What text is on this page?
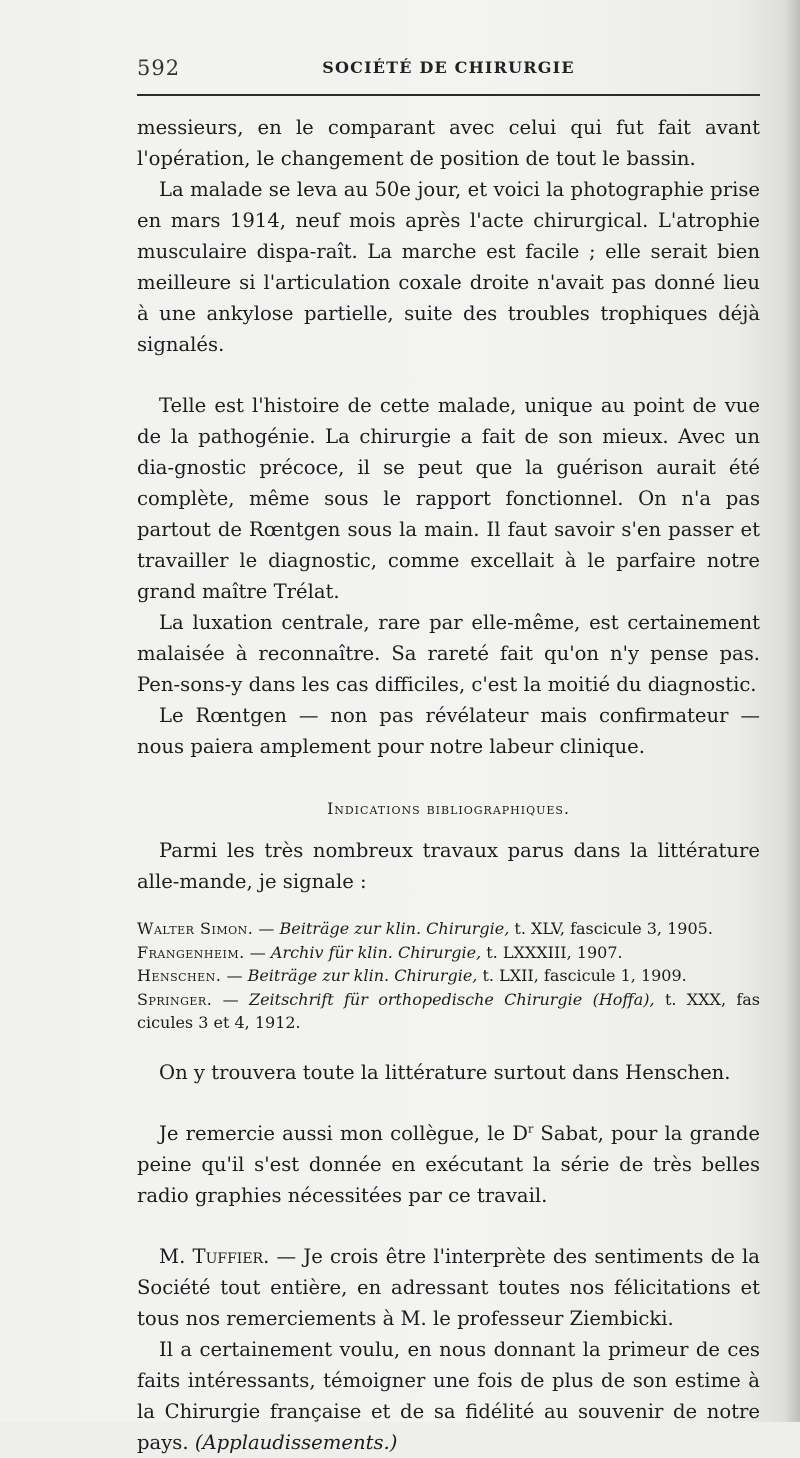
592	SOCIÉTÉ DE CHIRURGIE

messieurs, en le comparant avec celui qui fut fait avant l'opération, le changement de position de tout le bassin.

La malade se leva au 50e jour, et voici la photographie prise en mars 1914, neuf mois après l'acte chirurgical. L'atrophie musculaire dispa-raît. La marche est facile ; elle serait bien meilleure si l'articulation coxale droite n'avait pas donné lieu à une ankylose partielle, suite des troubles trophiques déjà signalés.

Telle est l'histoire de cette malade, unique au point de vue de la pathogénie. La chirurgie a fait de son mieux. Avec un dia-gnostic précoce, il se peut que la guérison aurait été complète, même sous le rapport fonctionnel. On n'a pas partout de Rœntgen sous la main. Il faut savoir s'en passer et travailler le diagnostic, comme excellait à le parfaire notre grand maître Trélat.

La luxation centrale, rare par elle-même, est certainement malaisée à reconnaître. Sa rareté fait qu'on n'y pense pas. Pen-sons-y dans les cas difficiles, c'est la moitié du diagnostic.

Le Rœntgen — non pas révélateur mais confirmateur — nous paiera amplement pour notre labeur clinique.

Indications bibliographiques.

Parmi les très nombreux travaux parus dans la littérature alle-mande, je signale :

Walter Simon. — Beiträge zur klin. Chirurgie, t. XLV, fascicule 3, 1905.

Frangenheim. — Archiv für klin. Chirurgie, t. LXXXIII, 1907.

Henschen. — Beiträge zur klin. Chirurgie, t. LXII, fascicule 1, 1909.

Springer. — Zeitschrift für orthopedische Chirurgie (Hoffa), t. XXX, fas cicules 3 et 4, 1912.

On y trouvera toute la littérature surtout dans Henschen.

Je remercie aussi mon collègue, le $D^r$ Sabat, pour la grande peine qu'il s'est donnée en exécutant la série de très belles radio graphies nécessitées par ce travail.

M. Tuffier. — Je crois être l'interprète des sentiments de la Société tout entière, en adressant toutes nos félicitations et tous nos remerciements à M. le professeur Ziembicki.

Il a certainement voulu, en nous donnant la primeur de ces faits intéressants, témoigner une fois de plus de son estime à la Chirurgie française et de sa fidélité au souvenir de notre pays. (Applaudissements.)
